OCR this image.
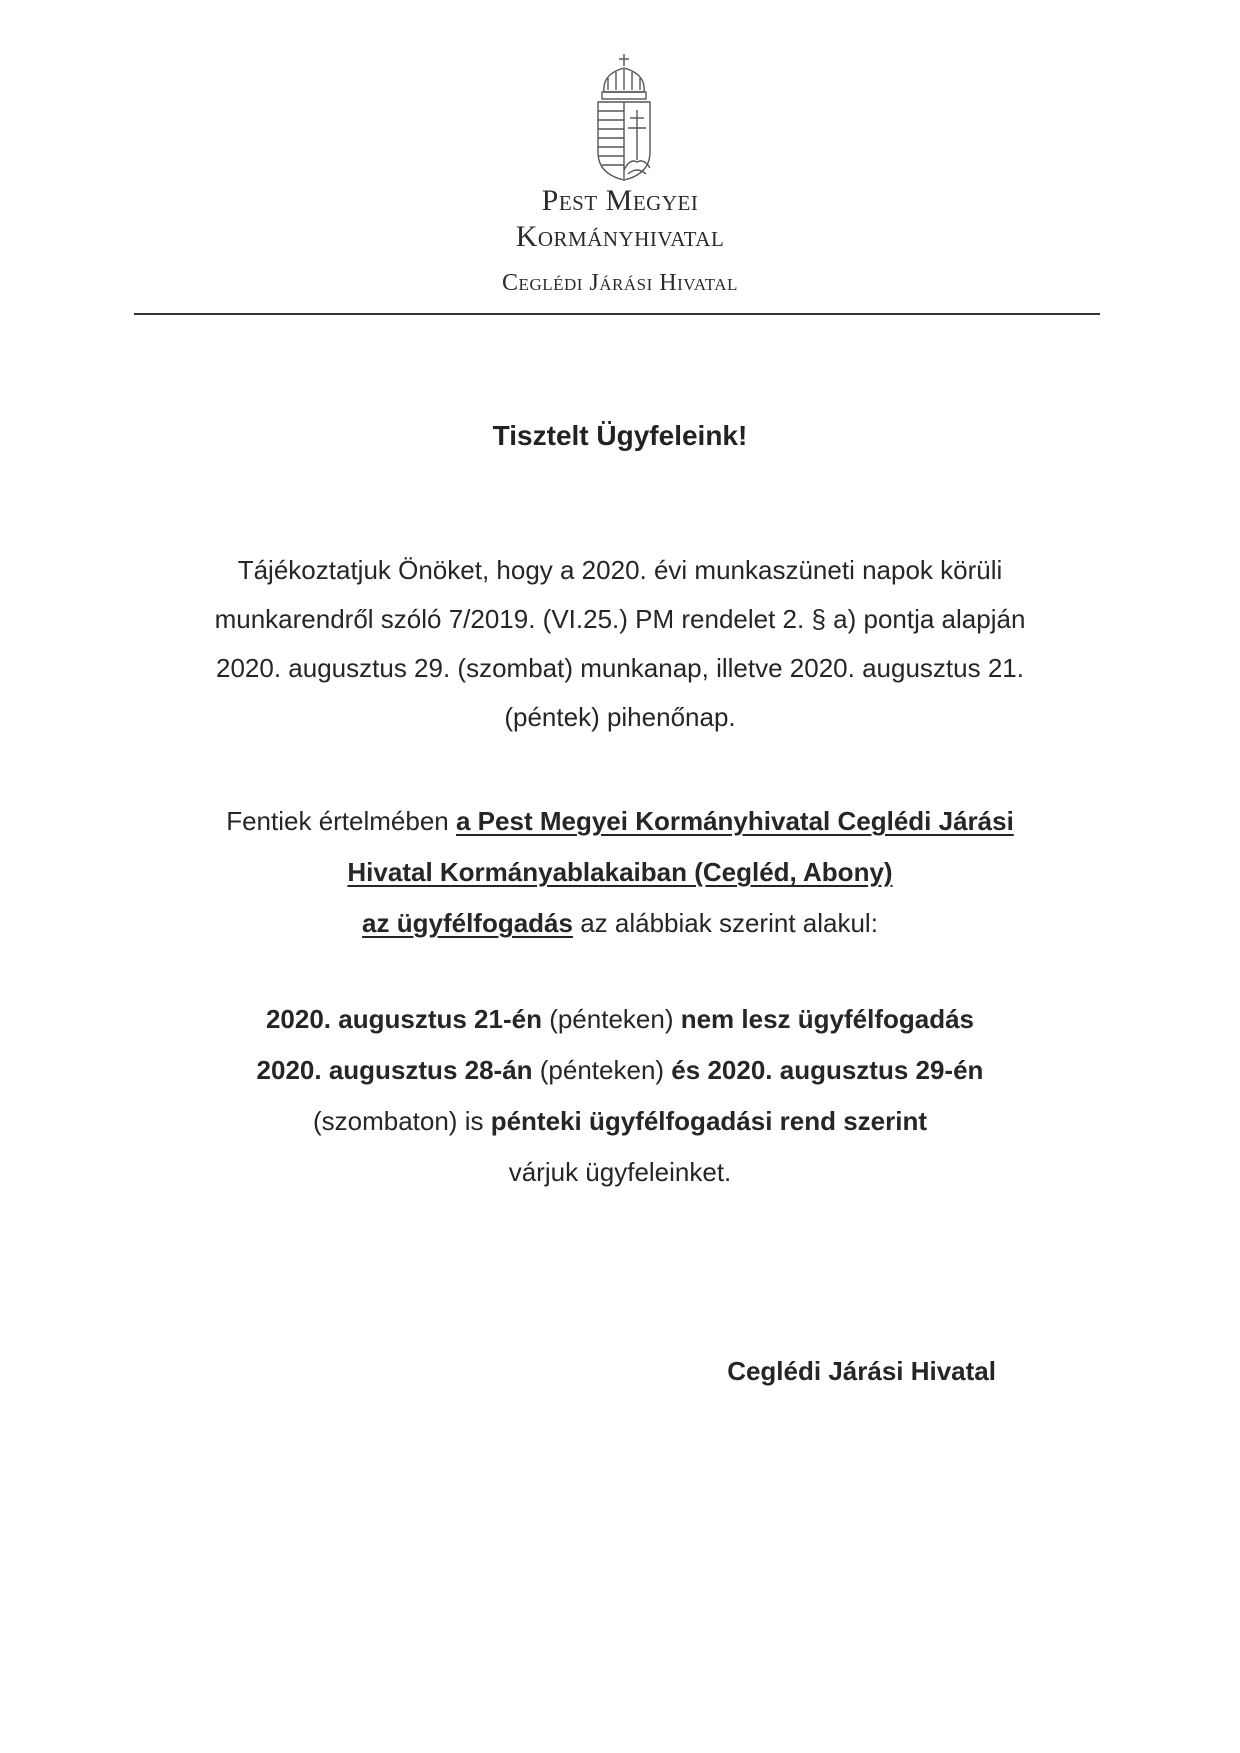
Pest Megyei
Kormányhivatal
Ceglédi Járási Hivatal
Tisztelt Ügyfeleink!
Tájékoztatjuk Önöket, hogy a 2020. évi munkaszüneti napok körüli
munkarendről szóló 7/2019. (VI.25.) PM rendelet 2. § a) pontja alapján
2020. augusztus 29. (szombat) munkanap, illetve 2020. augusztus 21.
(péntek) pihenőnap.
Fentiek értelmében a Pest Megyei Kormányhivatal Ceglédi Járási
Hivatal Kormányablakaiban (Cegléd, Abony)
az ügyfélfogadás az alábbiak szerint alakul:
2020. augusztus 21-én (pénteken) nem lesz ügyfélfogadás
2020. augusztus 28-án (pénteken) és 2020. augusztus 29-én
(szombaton) is pénteki ügyfélfogadási rend szerint
várjuk ügyfeleinket.
Ceglédi Járási Hivatal
